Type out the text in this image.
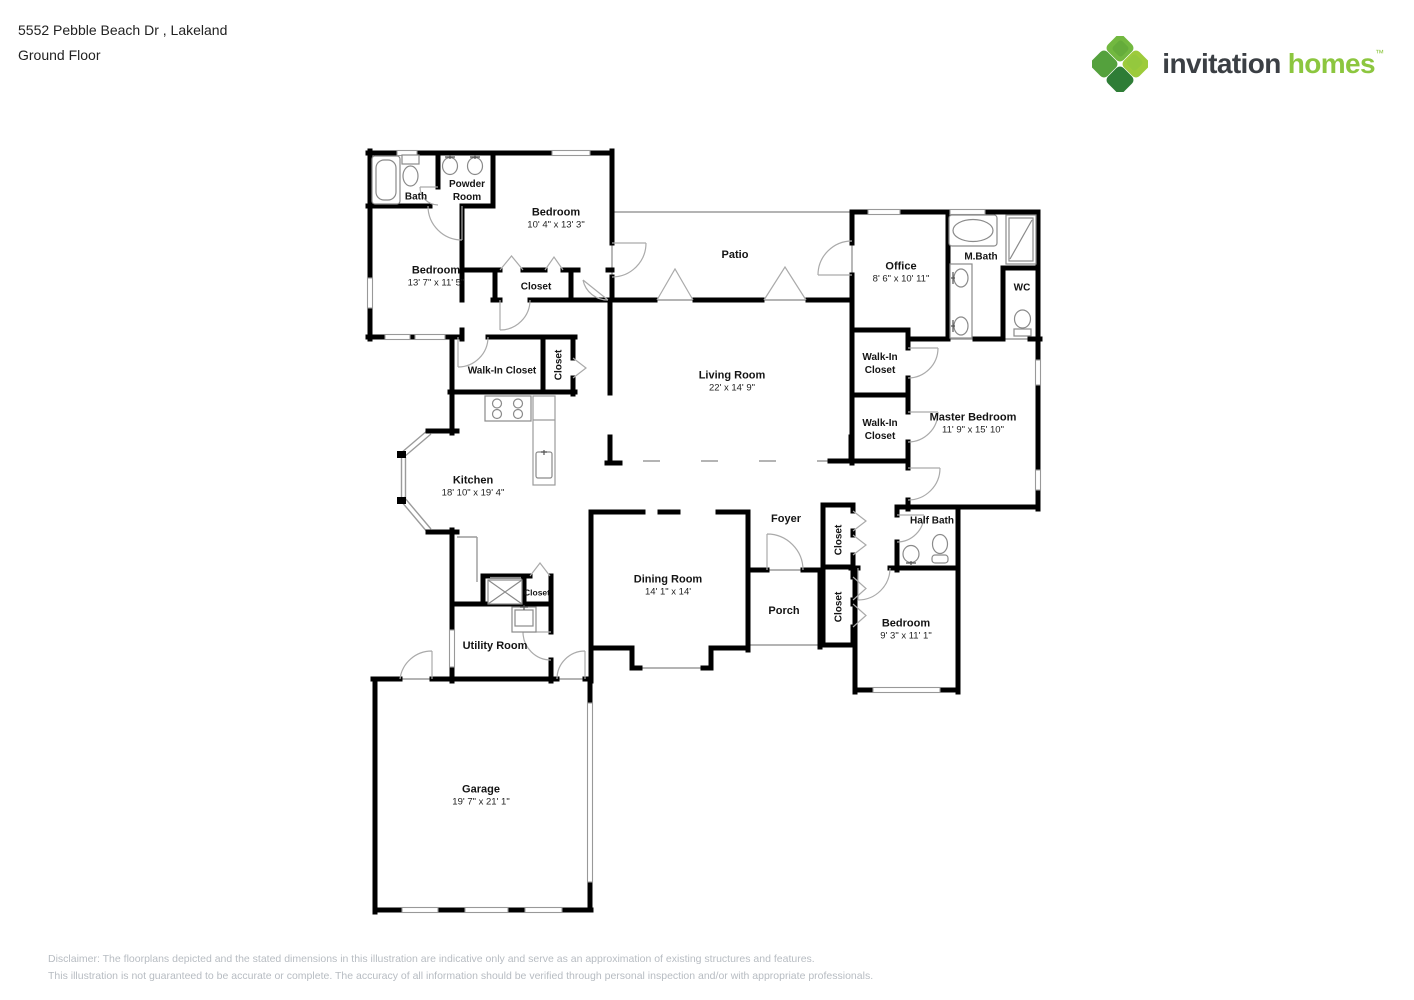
5552 Pebble Beach Dr , Lakeland
Ground Floor	invitation homes™
Bath
Powder
Room
Bedroom
10' 4" x 13' 3"
Patio
Office
8' 6" x 10' 11"
M.Bath
WC
Bedroom
13' 7" x 11' 5"	Closet
Walk-In Closet Closet	Living Room
22' x 14' 9"
Walk-In
Closet
Walk-In
Closet
Master Bedroom
11' 9" x 15' 10"
Kitchen
18' 10" x 19' 4"
Foyer
Closet
Half Bath
Dining Room
14' 1" x 14'
Porch	Closet
Bedroom
9' 3" x 11' 1"
Closet
Utility Room
Garage
19' 7" x 21' 1"
Disclaimer: The floorplans depicted and the stated dimensions in this illustration are indicative only and serve as an approximation of existing structures and features.
This illustration is not guaranteed to be accurate or complete. The accuracy of all information should be verified through personal inspection and/or with appropriate professionals.
